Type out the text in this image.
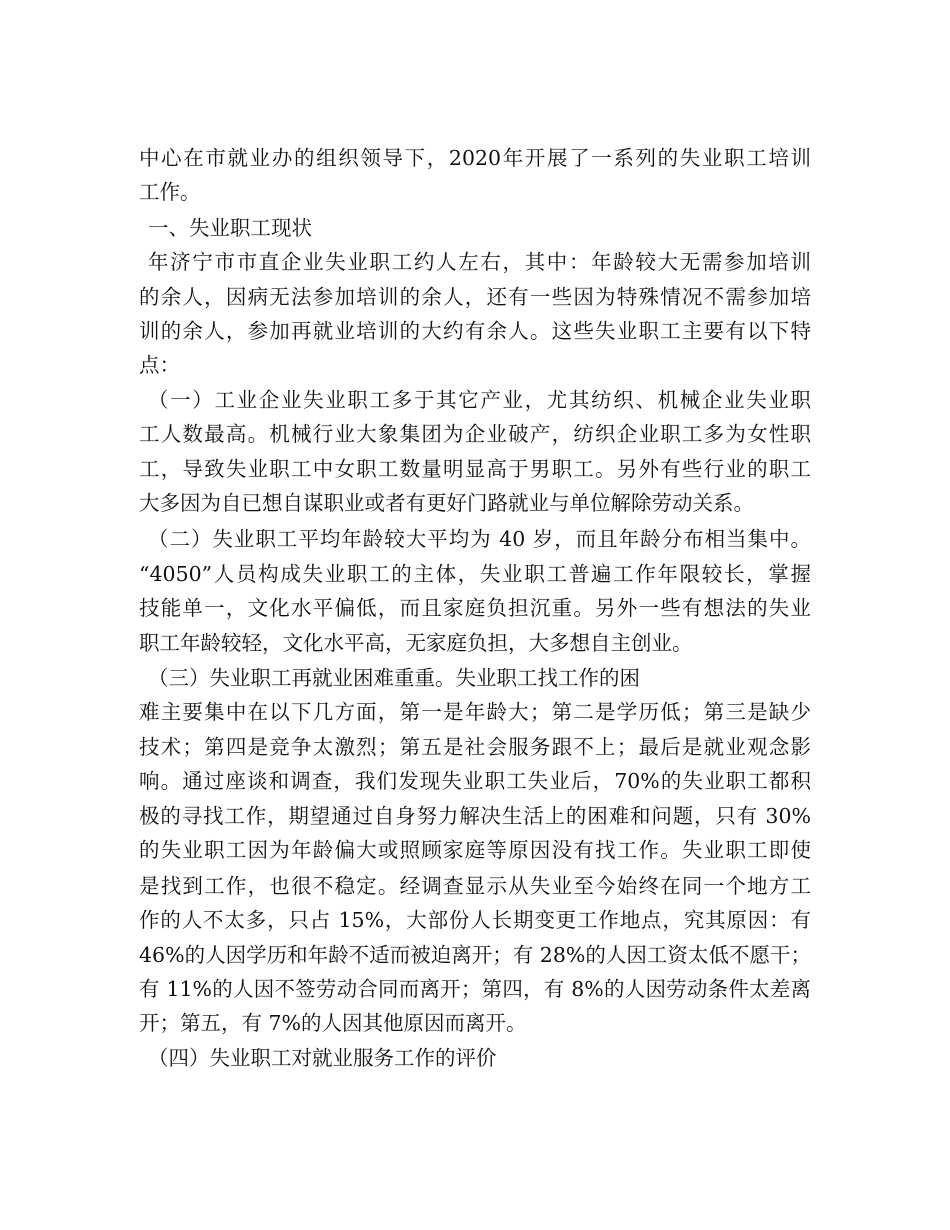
中心在市就业办的组织领导下，2020年开展了一系列的失业职工培训
工作。
一、失业职工现状
年济宁市市直企业失业职工约人左右，其中：年龄较大无需参加培训
的余人，因病无法参加培训的余人，还有一些因为特殊情况不需参加培
训的余人，参加再就业培训的大约有余人。这些失业职工主要有以下特
点：
（一）工业企业失业职工多于其它产业，尤其纺织、机械企业失业职
工人数最高。机械行业大象集团为企业破产，纺织企业职工多为女性职
工，导致失业职工中女职工数量明显高于男职工。另外有些行业的职工
大多因为自已想自谋职业或者有更好门路就业与单位解除劳动关系。
（二）失业职工平均年龄较大平均为 40 岁，而且年龄分布相当集中。
“4050”人员构成失业职工的主体，失业职工普遍工作年限较长，掌握
技能单一，文化水平偏低，而且家庭负担沉重。另外一些有想法的失业
职工年龄较轻，文化水平高，无家庭负担，大多想自主创业。
（三）失业职工再就业困难重重。失业职工找工作的困
难主要集中在以下几方面，第一是年龄大；第二是学历低；第三是缺少
技术；第四是竞争太激烈；第五是社会服务跟不上；最后是就业观念影
响。通过座谈和调查，我们发现失业职工失业后，70%的失业职工都积
极的寻找工作，期望通过自身努力解决生活上的困难和问题，只有 30%
的失业职工因为年龄偏大或照顾家庭等原因没有找工作。失业职工即使
是找到工作，也很不稳定。经调查显示从失业至今始终在同一个地方工
作的人不太多，只占 15%，大部份人长期变更工作地点，究其原因：有
46%的人因学历和年龄不适而被迫离开；有 28%的人因工资太低不愿干；
有 11%的人因不签劳动合同而离开；第四，有 8%的人因劳动条件太差离
开；第五，有 7%的人因其他原因而离开。
（四）失业职工对就业服务工作的评价
